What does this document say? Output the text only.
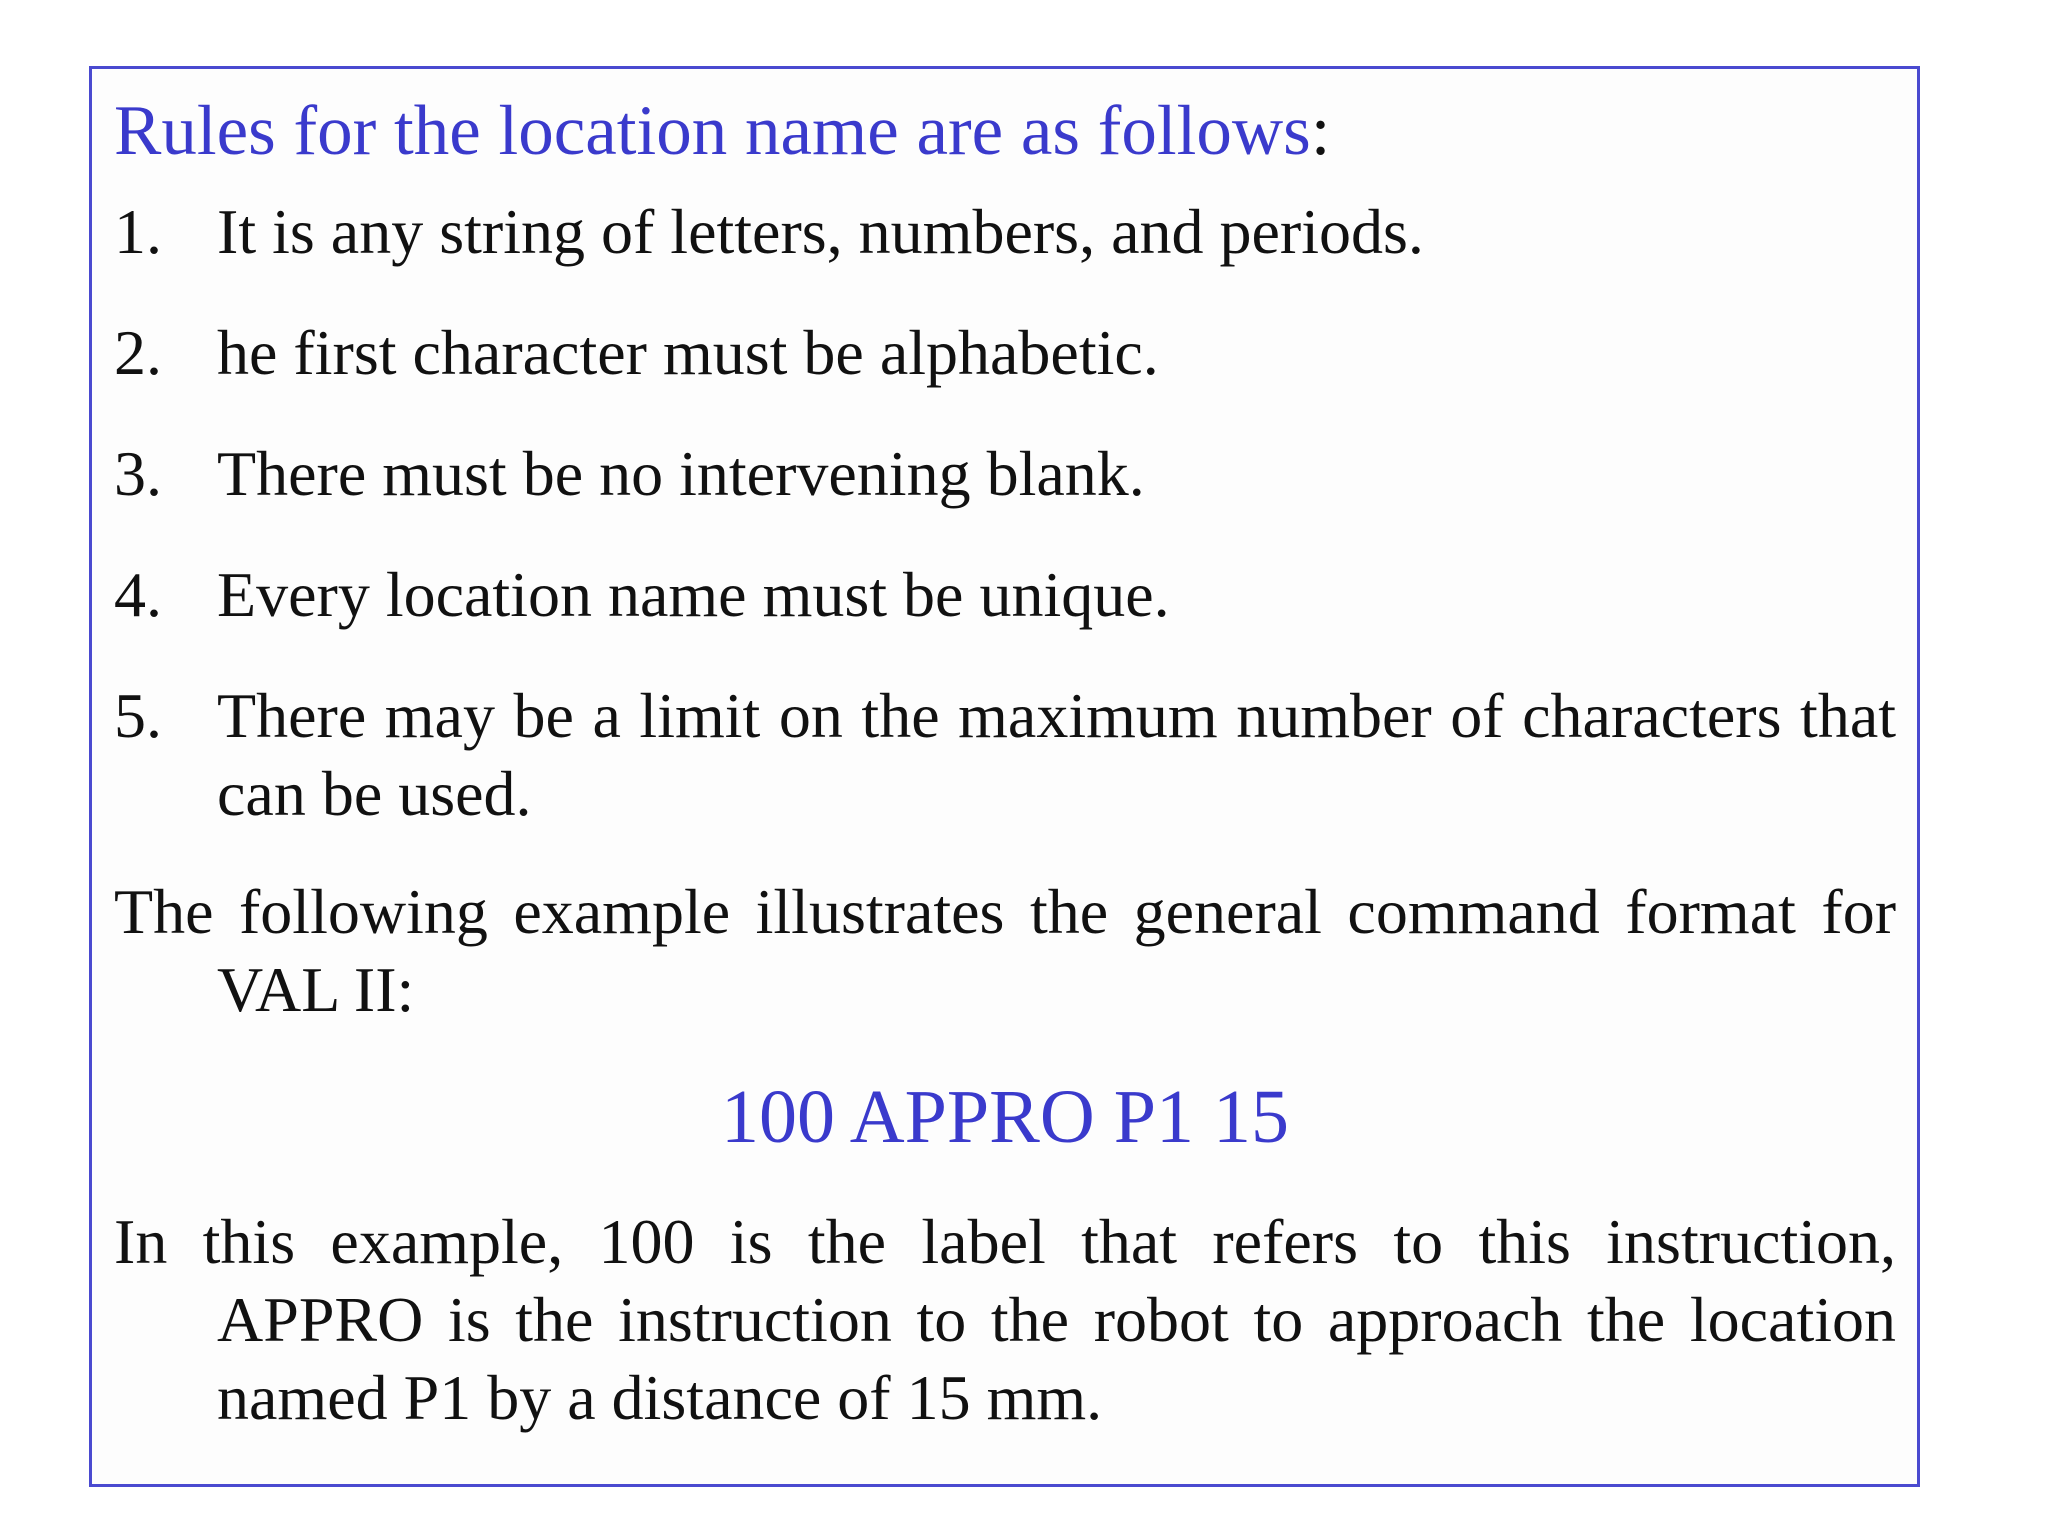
Rules for the location name are as follows:
1. It is any string of letters, numbers, and periods.
2. he first character must be alphabetic.
3. There must be no intervening blank.
4. Every location name must be unique.
5. There may be a limit on the maximum number of characters that can be used.

The following example illustrates the general command format for VAL II:

100 APPRO P1 15

In this example, 100 is the label that refers to this instruction, APPRO is the instruction to the robot to approach the location named P1 by a distance of 15 mm.
